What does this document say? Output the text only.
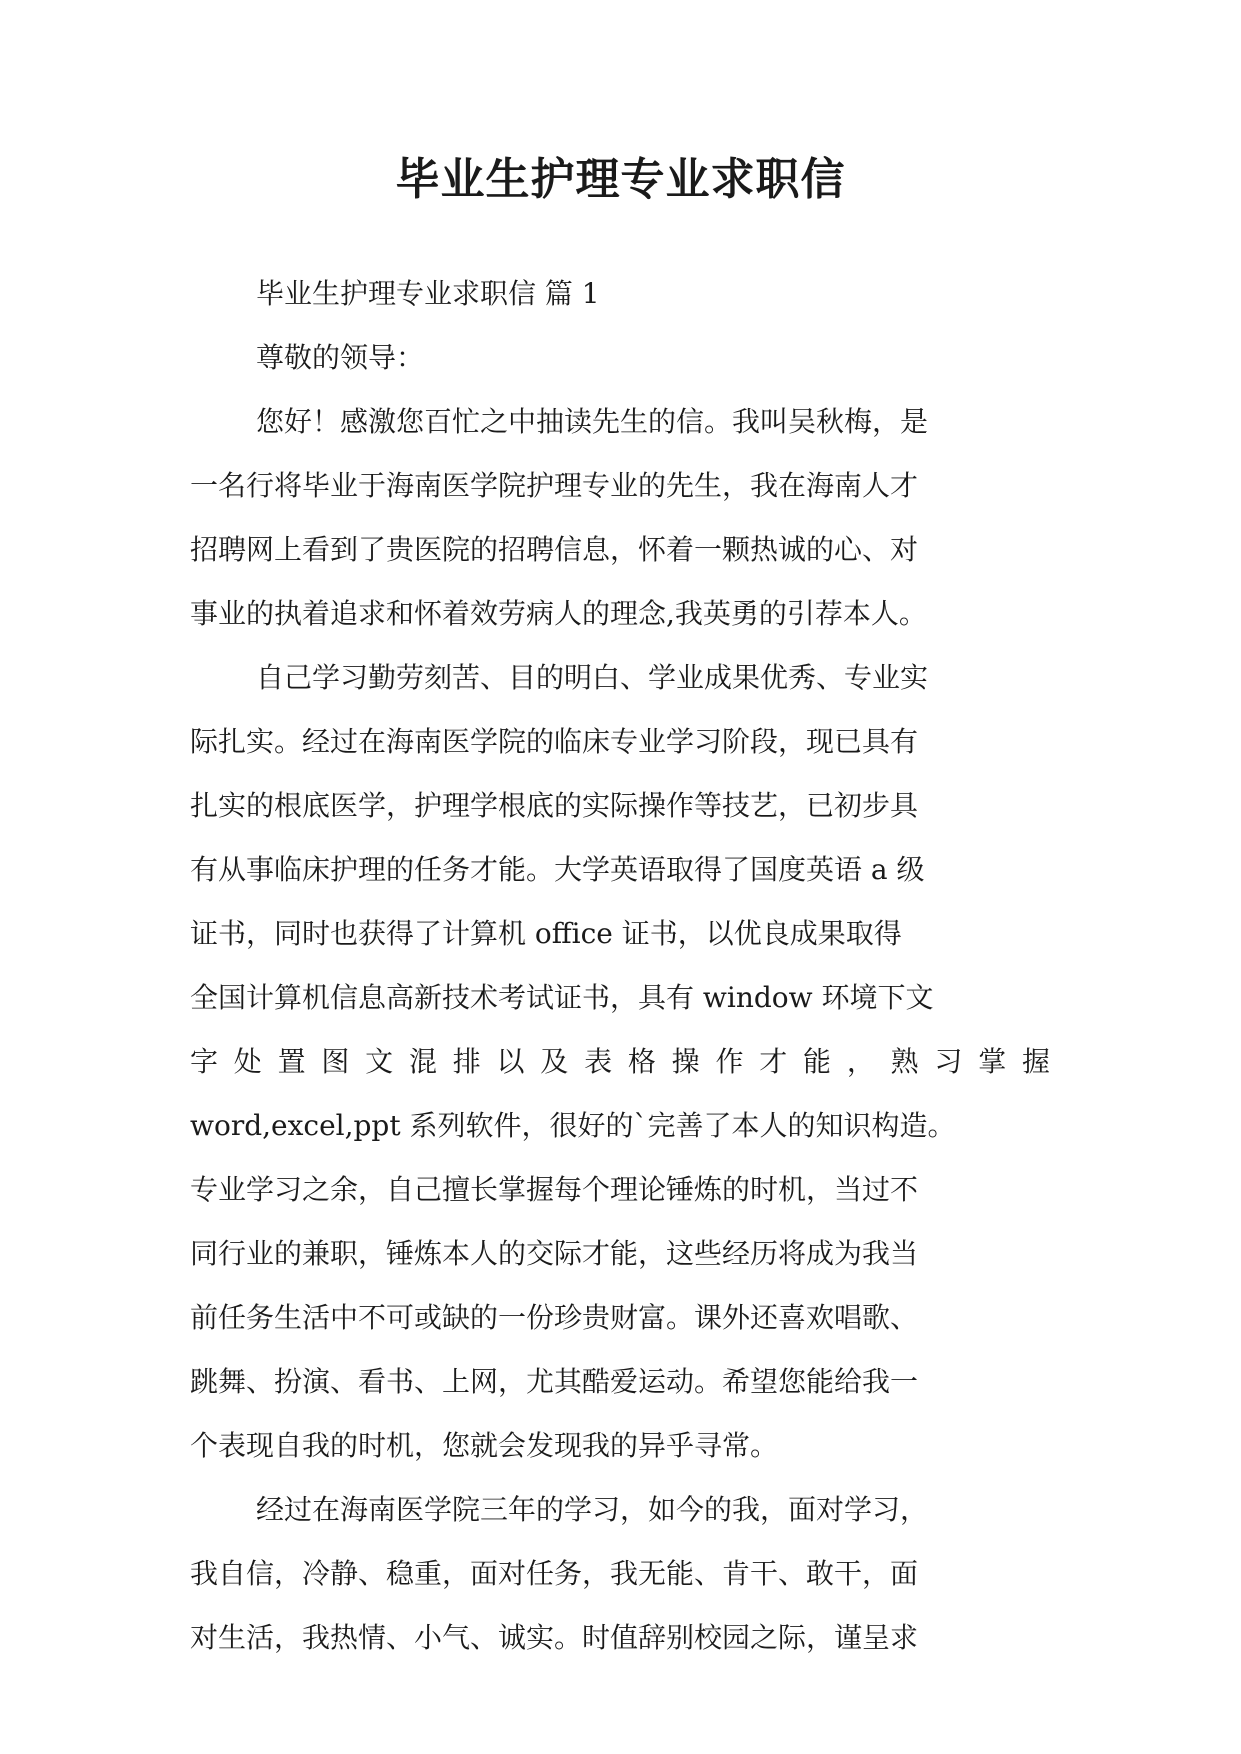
毕业生护理专业求职信
毕业生护理专业求职信 篇 1
尊敬的领导：
您好！感激您百忙之中抽读先生的信。我叫吴秋梅，是
一名行将毕业于海南医学院护理专业的先生，我在海南人才
招聘网上看到了贵医院的招聘信息，怀着一颗热诚的心、对
事业的执着追求和怀着效劳病人的理念,我英勇的引荐本人。
自己学习勤劳刻苦、目的明白、学业成果优秀、专业实
际扎实。经过在海南医学院的临床专业学习阶段，现已具有
扎实的根底医学，护理学根底的实际操作等技艺，已初步具
有从事临床护理的任务才能。大学英语取得了国度英语 a 级
证书，同时也获得了计算机 office 证书，以优良成果取得
全国计算机信息高新技术考试证书，具有 window 环境下文
字处置图文混排以及表格操作才能，熟习掌握
word,excel,ppt 系列软件，很好的`完善了本人的知识构造。
专业学习之余，自己擅长掌握每个理论锤炼的时机，当过不
同行业的兼职，锤炼本人的交际才能，这些经历将成为我当
前任务生活中不可或缺的一份珍贵财富。课外还喜欢唱歌、
跳舞、扮演、看书、上网，尤其酷爱运动。希望您能给我一
个表现自我的时机，您就会发现我的异乎寻常。
经过在海南医学院三年的学习，如今的我，面对学习，
我自信，冷静、稳重，面对任务，我无能、肯干、敢干，面
对生活，我热情、小气、诚实。时值辞别校园之际，谨呈求
